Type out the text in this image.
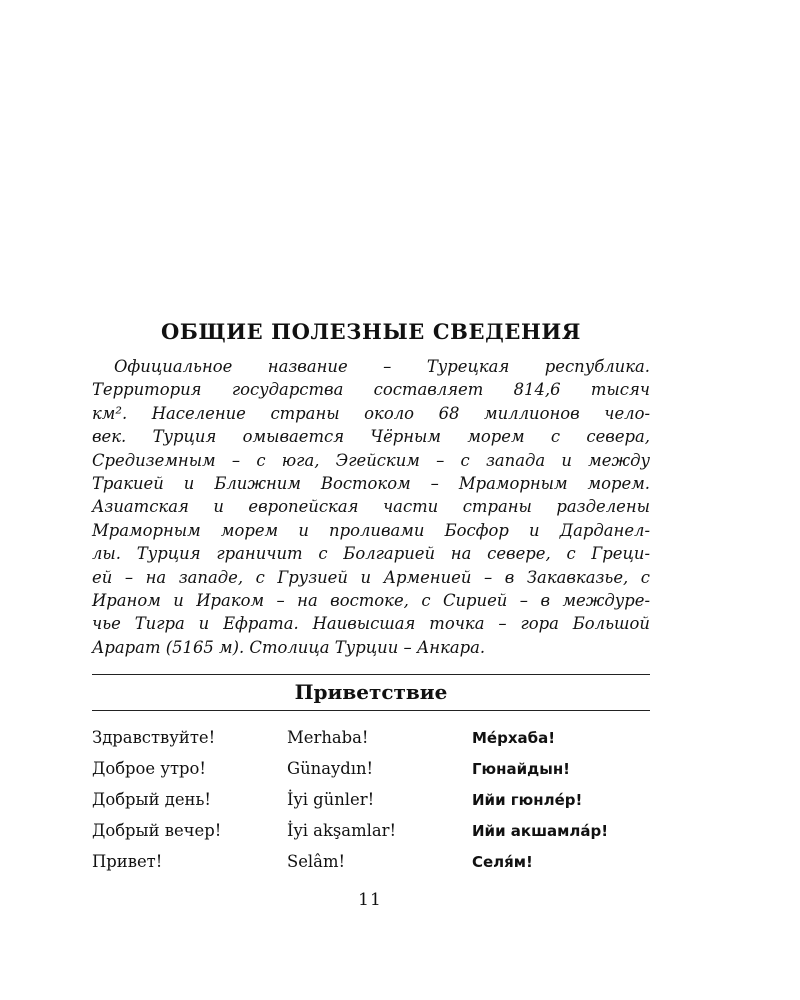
ОБЩИЕ ПОЛЕЗНЫЕ СВЕДЕНИЯ
Официальное название – Турецкая республика.
Территория государства составляет 814,6 тысяч
км². Население страны около 68 миллионов чело-
век. Турция омывается Чёрным морем с севера,
Средиземным – с юга, Эгейским – с запада и между
Тракией и Ближним Востоком – Мраморным морем.
Азиатская и европейская части страны разделены
Мраморным морем и проливами Босфор и Дарданел-
лы. Турция граничит с Болгарией на севере, с Греци-
ей – на западе, с Грузией и Арменией – в Закавказье, с
Ираном и Ираком – на востоке, с Сирией – в междуре-
чье Тигра и Ефрата. Наивысшая точка – гора Большой
Арарат (5165 м). Столица Турции – Анкара.
Приветствие
Здравствуйте!	Merhaba!	Мéрхаба!
Доброе утро!	Günaydın!	Гюнайдын!
Добрый день!	İyi günler!	Ийи гюнлéр!
Добрый вечер!	İyi akşamlar!	Ийи акшамлáр!
Привет!	Selâm!	Селя́м!
11
